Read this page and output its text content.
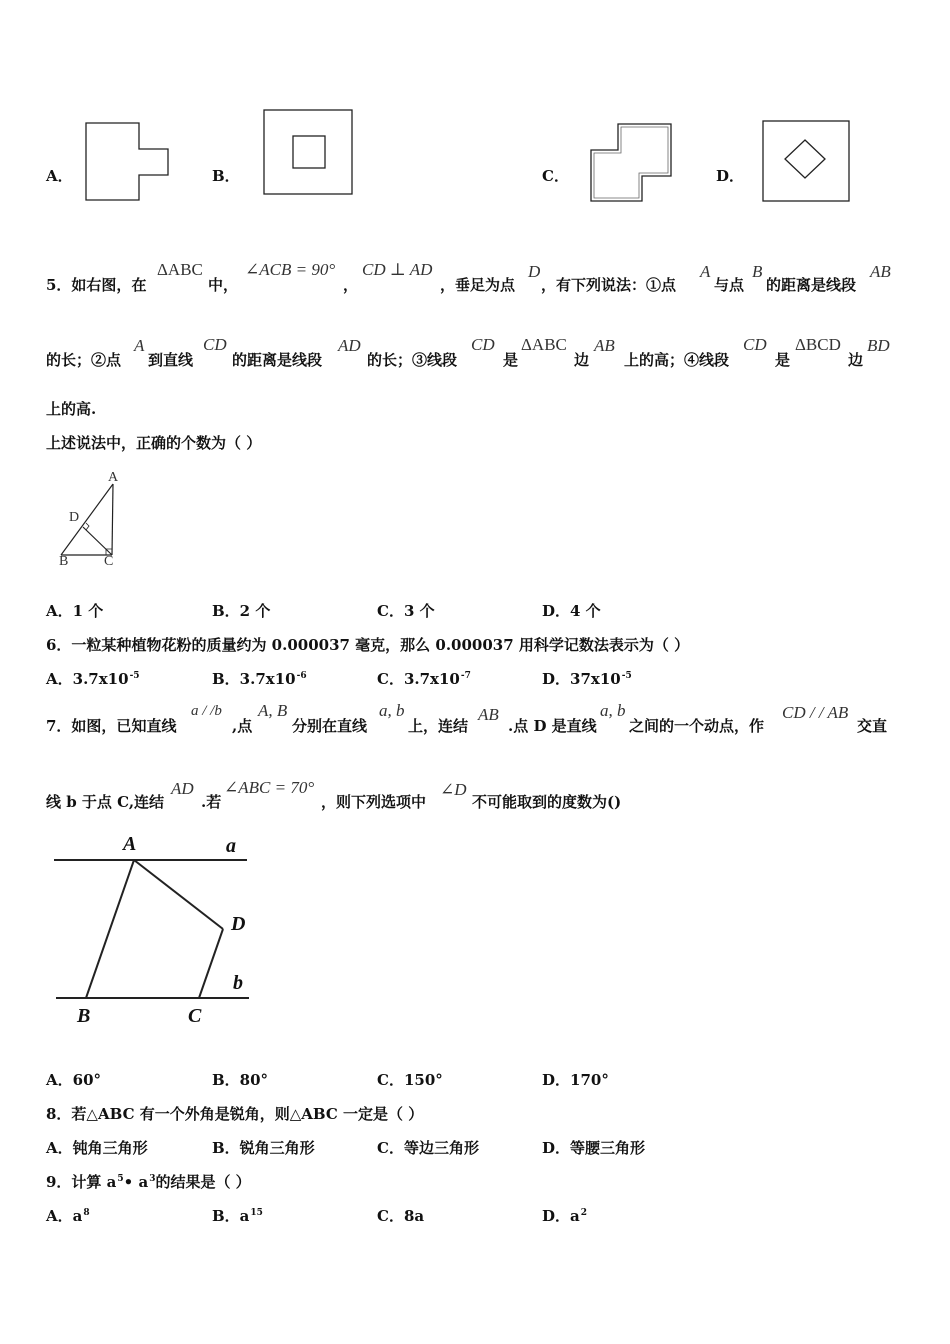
A．	B．	C．	D．
5．如右图，在
ΔABC
中，
∠ACB = 90°
，
CD ⊥ AD
，垂足为点
D
，有下列说法：①点
A
与点
B
的距离是线段
AB
的长；②点
A
到直线
CD
的距离是线段
AD
的长；③线段
CD
是
ΔABC
边
AB
上的高；④线段
CD
是
ΔBCD
边
BD
上的高.
上述说法中，正确的个数为（ ）
A
D
B	C
A．1 个	B．2 个	C．3 个	D．4 个
6．一粒某种植物花粉的质量约为 0.000037 毫克，那么 0.000037 用科学记数法表示为（ ）
A．$3.7x10^{-5}$	B．$3.7x10^{-6}$	C．$3.7x10^{-7}$	D．$37x10^{-5}$
7．如图，已知直线
a / /b
,点
A, B
分别在直线
a, b
上，连结
AB
.点 D 是直线
a, b
之间的一个动点，作
CD / / AB
交直
线 b 于点 C,连结
AD
.若
∠ABC = 70°
，则下列选项中
∠D
不可能取到的度数为()
A	a
D
b
B	C
A．60°	B．80°	C．150°	D．170°
8．若△ABC 有一个外角是锐角，则△ABC 一定是（ ）
A．钝角三角形	B．锐角三角形	C．等边三角形	D．等腰三角形
9．计算 $a^5•$ $a^3$的结果是（ ）
A．$a^8$	B．$a^{15}$	C．8a	D．$a^2$
